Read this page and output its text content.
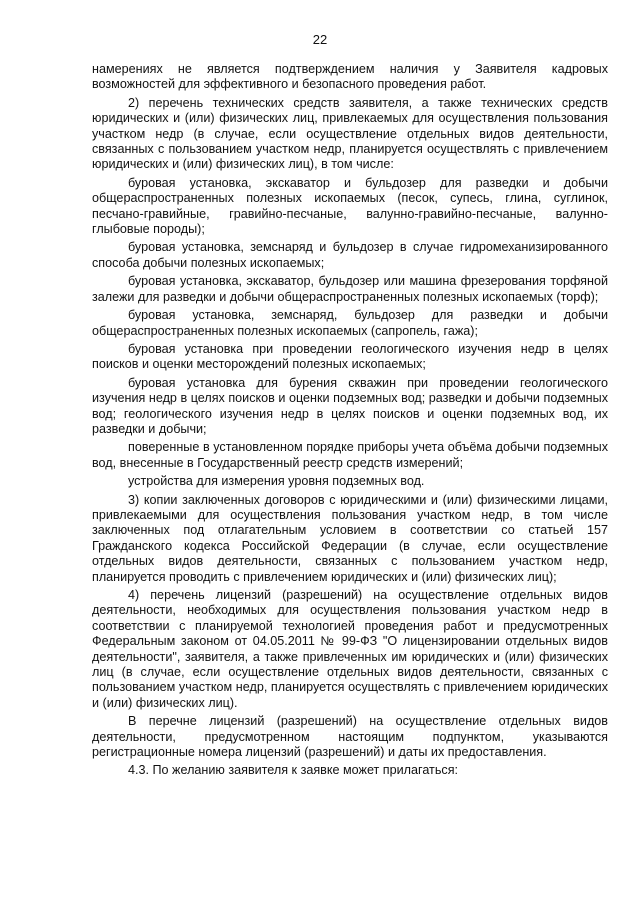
22

намерениях не является подтверждением наличия у Заявителя кадровых возможностей для эффективного и безопасного проведения работ.

2) перечень технических средств заявителя, а также технических средств юридических и (или) физических лиц, привлекаемых для осуществления пользования участком недр (в случае, если осуществление отдельных видов деятельности, связанных с пользованием участком недр, планируется осуществлять с привлечением юридических и (или) физических лиц), в том числе:

буровая установка, экскаватор и бульдозер для разведки и добычи общераспространенных полезных ископаемых (песок, супесь, глина, суглинок, песчано-гравийные, гравийно-песчаные, валунно-гравийно-песчаные, валунно-глыбовые породы);

буровая установка, земснаряд и бульдозер в случае гидромеханизированного способа добычи полезных ископаемых;

буровая установка, экскаватор, бульдозер или машина фрезерования торфяной залежи для разведки и добычи общераспространенных полезных ископаемых (торф);

буровая установка, земснаряд, бульдозер для разведки и добычи общераспространенных полезных ископаемых (сапропель, гажа);

буровая установка при проведении геологического изучения недр в целях поисков и оценки месторождений полезных ископаемых;

буровая установка для бурения скважин при проведении геологического изучения недр в целях поисков и оценки подземных вод; разведки и добычи подземных вод; геологического изучения недр в целях поисков и оценки подземных вод, их разведки и добычи;

поверенные в установленном порядке приборы учета объёма добычи подземных вод, внесенные в Государственный реестр средств измерений;

устройства для измерения уровня подземных вод.

3) копии заключенных договоров с юридическими и (или) физическими лицами, привлекаемыми для осуществления пользования участком недр, в том числе заключенных под отлагательным условием в соответствии со статьей 157 Гражданского кодекса Российской Федерации (в случае, если осуществление отдельных видов деятельности, связанных с пользованием участком недр, планируется проводить с привлечением юридических и (или) физических лиц);

4) перечень лицензий (разрешений) на осуществление отдельных видов деятельности, необходимых для осуществления пользования участком недр в соответствии с планируемой технологией проведения работ и предусмотренных Федеральным законом от 04.05.2011 № 99-ФЗ "О лицензировании отдельных видов деятельности", заявителя, а также привлеченных им юридических и (или) физических лиц (в случае, если осуществление отдельных видов деятельности, связанных с пользованием участком недр, планируется осуществлять с привлечением юридических и (или) физических лиц).

В перечне лицензий (разрешений) на осуществление отдельных видов деятельности, предусмотренном настоящим подпунктом, указываются регистрационные номера лицензий (разрешений) и даты их предоставления.

4.3. По желанию заявителя к заявке может прилагаться:
